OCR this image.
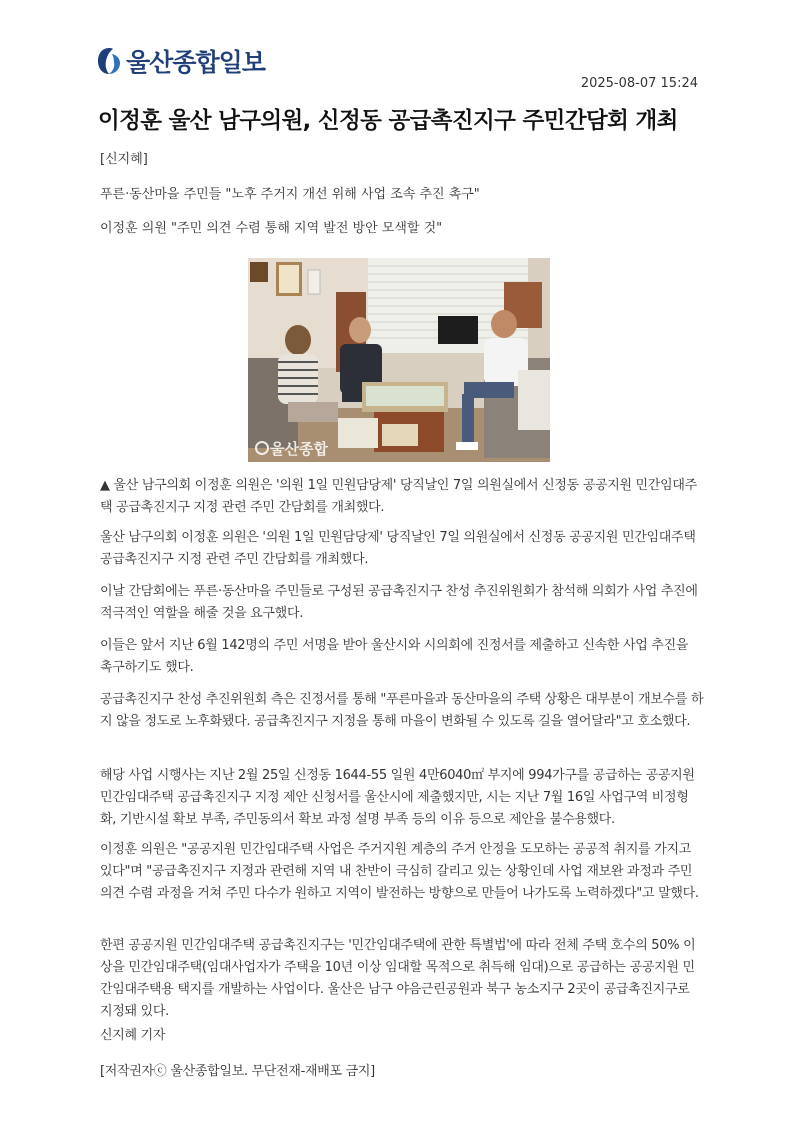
울산종합일보
2025-08-07 15:24
이정훈 울산 남구의원, 신정동 공급촉진지구 주민간담회 개최
[신지혜]
푸른·동산마을 주민들 "노후 주거지 개선 위해 사업 조속 추진 촉구"
이정훈 의원 "주민 의견 수렴 통해 지역 발전 방안 모색할 것"
울산종합

▲ 울산 남구의회 이정훈 의원은 '의원 1일 민원담당제' 당직날인 7일 의원실에서 신정동 공공지원 민간임대주택 공급촉진지구 지정 관련 주민 간담회를 개최했다.

울산 남구의회 이정훈 의원은 '의원 1일 민원담당제' 당직날인 7일 의원실에서 신정동 공공지원 민간임대주택 공급촉진지구 지정 관련 주민 간담회를 개최했다.

이날 간담회에는 푸른·동산마을 주민들로 구성된 공급촉진지구 찬성 추진위원회가 참석해 의회가 사업 추진에 적극적인 역할을 해줄 것을 요구했다.

이들은 앞서 지난 6월 142명의 주민 서명을 받아 울산시와 시의회에 진정서를 제출하고 신속한 사업 추진을 촉구하기도 했다.

공급촉진지구 찬성 추진위원회 측은 진정서를 통해 "푸른마을과 동산마을의 주택 상황은 대부분이 개보수를 하지 않을 정도로 노후화됐다. 공급촉진지구 지정을 통해 마을이 변화될 수 있도록 길을 열어달라"고 호소했다.

해당 사업 시행사는 지난 2월 25일 신정동 1644-55 일원 4만6040㎡ 부지에 994가구를 공급하는 공공지원 민간임대주택 공급촉진지구 지정 제안 신청서를 울산시에 제출했지만, 시는 지난 7월 16일 사업구역 비정형화, 기반시설 확보 부족, 주민동의서 확보 과정 설명 부족 등의 이유 등으로 제안을 불수용했다.

이정훈 의원은 "공공지원 민간임대주택 사업은 주거지원 계층의 주거 안정을 도모하는 공공적 취지를 가지고 있다"며 "공급촉진지구 지정과 관련해 지역 내 찬반이 극심히 갈리고 있는 상황인데 사업 재보완 과정과 주민 의견 수렴 과정을 거쳐 주민 다수가 원하고 지역이 발전하는 방향으로 만들어 나가도록 노력하겠다"고 말했다.

한편 공공지원 민간임대주택 공급촉진지구는 '민간임대주택에 관한 특별법'에 따라 전체 주택 호수의 50% 이상을 민간임대주택(임대사업자가 주택을 10년 이상 임대할 목적으로 취득해 임대)으로 공급하는 공공지원 민간임대주택용 택지를 개발하는 사업이다. 울산은 남구 야음근린공원과 북구 농소지구 2곳이 공급촉진지구로 지정돼 있다.

신지혜 기자

[저작권자ⓒ 울산종합일보. 무단전재-재배포 금지]
